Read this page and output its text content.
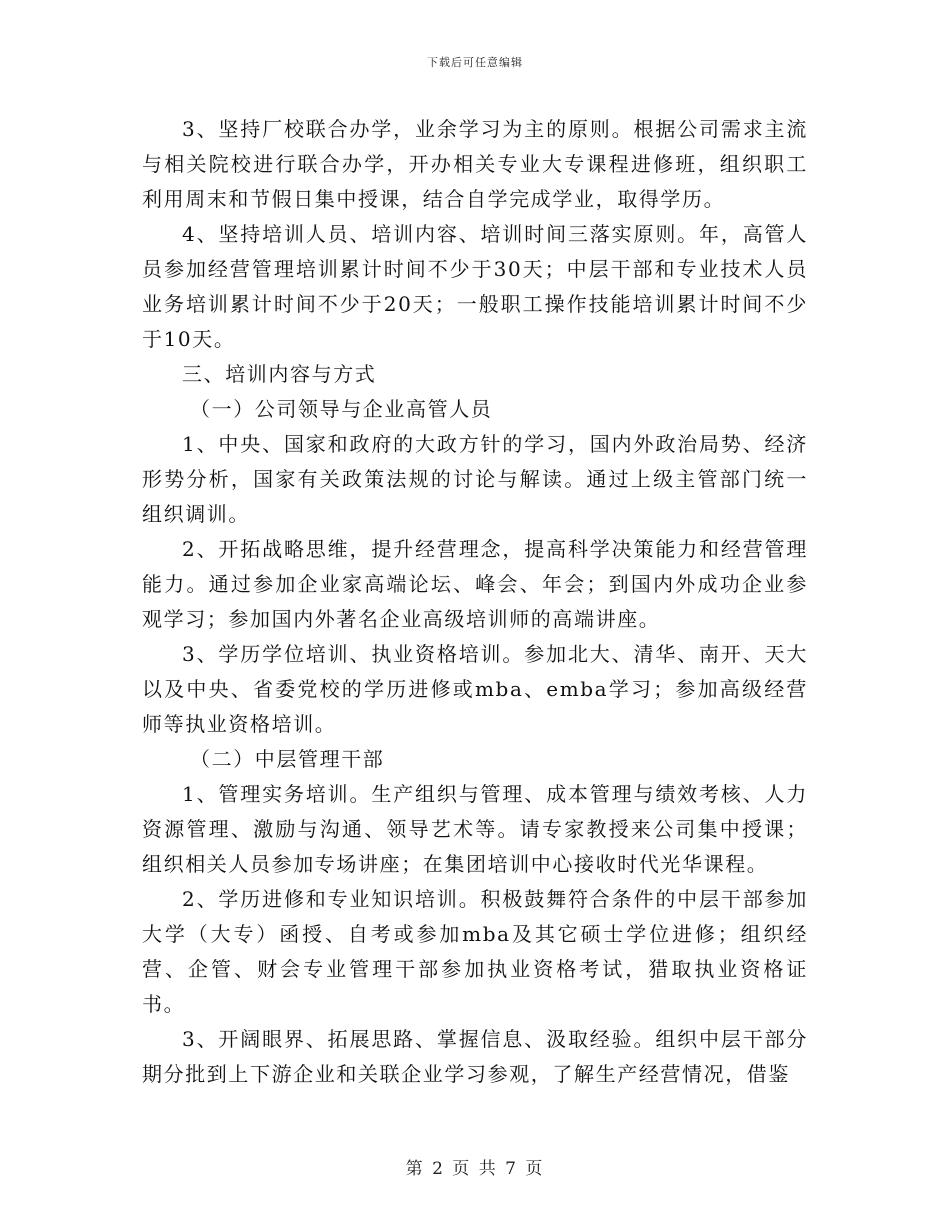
下载后可任意编辑

3、坚持厂校联合办学，业余学习为主的原则。根据公司需求主流与相关院校进行联合办学，开办相关专业大专课程进修班，组织职工利用周末和节假日集中授课，结合自学完成学业，取得学历。

4、坚持培训人员、培训内容、培训时间三落实原则。年，高管人员参加经营管理培训累计时间不少于30天；中层干部和专业技术人员业务培训累计时间不少于20天；一般职工操作技能培训累计时间不少于10天。

三、培训内容与方式

（一）公司领导与企业高管人员

1、中央、国家和政府的大政方针的学习，国内外政治局势、经济形势分析，国家有关政策法规的讨论与解读。通过上级主管部门统一组织调训。

2、开拓战略思维，提升经营理念，提高科学决策能力和经营管理能力。通过参加企业家高端论坛、峰会、年会；到国内外成功企业参观学习；参加国内外著名企业高级培训师的高端讲座。

3、学历学位培训、执业资格培训。参加北大、清华、南开、天大以及中央、省委党校的学历进修或mba、emba学习；参加高级经营师等执业资格培训。

（二）中层管理干部

1、管理实务培训。生产组织与管理、成本管理与绩效考核、人力资源管理、激励与沟通、领导艺术等。请专家教授来公司集中授课；组织相关人员参加专场讲座；在集团培训中心接收时代光华课程。

2、学历进修和专业知识培训。积极鼓舞符合条件的中层干部参加大学（大专）函授、自考或参加mba及其它硕士学位进修；组织经营、企管、财会专业管理干部参加执业资格考试，猎取执业资格证书。

3、开阔眼界、拓展思路、掌握信息、汲取经验。组织中层干部分期分批到上下游企业和关联企业学习参观，了解生产经营情况，借鉴

第 2 页 共 7 页
